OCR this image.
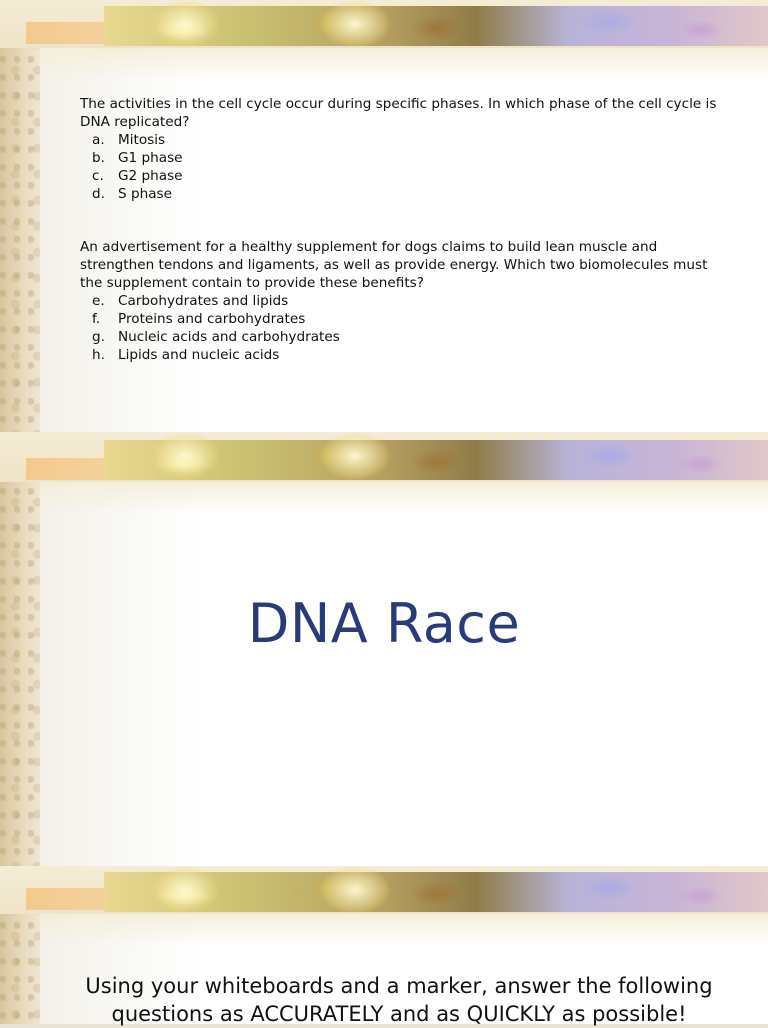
The activities in the cell cycle occur during specific phases. In which phase of the cell cycle is DNA replicated?

a. Mitosis
b. G1 phase
c. G2 phase
d. S phase

An advertisement for a healthy supplement for dogs claims to build lean muscle and strengthen tendons and ligaments, as well as provide energy. Which two biomolecules must the supplement contain to provide these benefits?

e. Carbohydrates and lipids
f. Proteins and carbohydrates
g. Nucleic acids and carbohydrates
h. Lipids and nucleic acids
DNA Race
Using your whiteboards and a marker, answer the following questions as ACCURATELY and as QUICKLY as possible!
